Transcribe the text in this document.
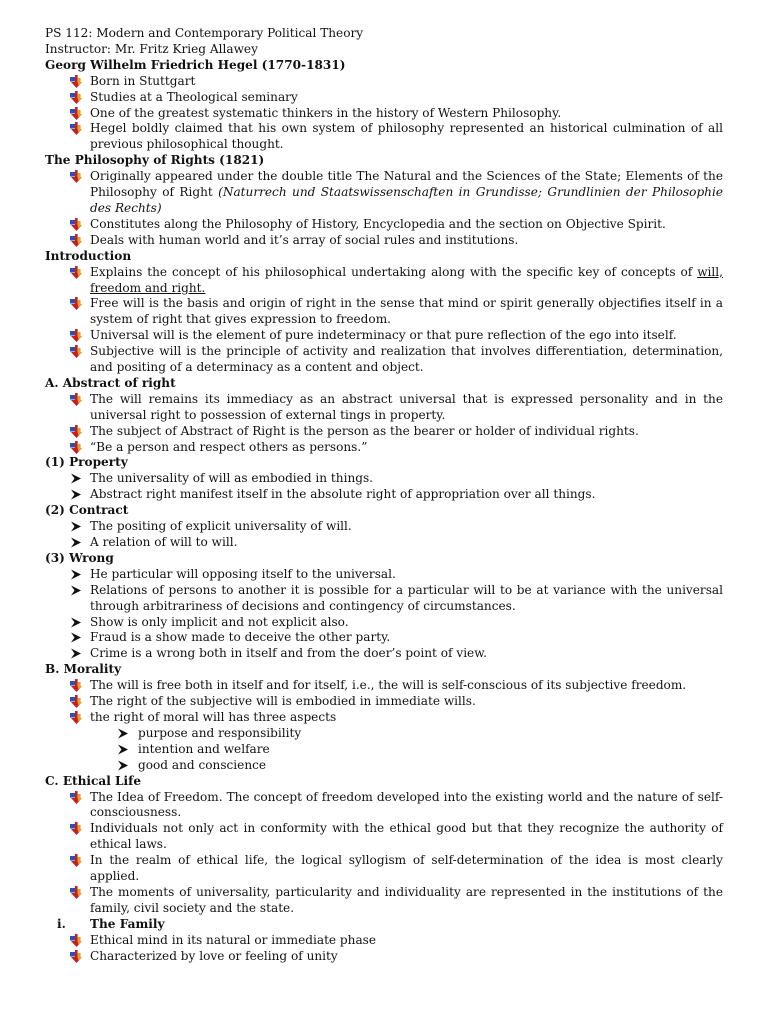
PS 112: Modern and Contemporary Political Theory
Instructor: Mr. Fritz Krieg Allawey
Georg Wilhelm Friedrich Hegel (1770-1831)
Born in Stuttgart
Studies at a Theological seminary
One of the greatest systematic thinkers in the history of Western Philosophy.
Hegel boldly claimed that his own system of philosophy represented an historical culmination of all previous philosophical thought.
The Philosophy of Rights (1821)
Originally appeared under the double title The Natural and the Sciences of the State; Elements of the Philosophy of Right (Naturrech und Staatswissenschaften in Grundisse; Grundlinien der Philosophie des Rechts)
Constitutes along the Philosophy of History, Encyclopedia and the section on Objective Spirit.
Deals with human world and it’s array of social rules and institutions.
Introduction
Explains the concept of his philosophical undertaking along with the specific key of concepts of will, freedom and right.
Free will is the basis and origin of right in the sense that mind or spirit generally objectifies itself in a system of right that gives expression to freedom.
Universal will is the element of pure indeterminacy or that pure reflection of the ego into itself.
Subjective will is the principle of activity and realization that involves differentiation, determination, and positing of a determinacy as a content and object.
A. Abstract of right
The will remains its immediacy as an abstract universal that is expressed personality and in the universal right to possession of external tings in property.
The subject of Abstract of Right is the person as the bearer or holder of individual rights.
“Be a person and respect others as persons.”
(1) Property
The universality of will as embodied in things.
Abstract right manifest itself in the absolute right of appropriation over all things.
(2) Contract
The positing of explicit universality of will.
A relation of will to will.
(3) Wrong
He particular will opposing itself to the universal.
Relations of persons to another it is possible for a particular will to be at variance with the universal through arbitrariness of decisions and contingency of circumstances.
Show is only implicit and not explicit also.
Fraud is a show made to deceive the other party.
Crime is a wrong both in itself and from the doer’s point of view.
B. Morality
The will is free both in itself and for itself, i.e., the will is self-conscious of its subjective freedom.
The right of the subjective will is embodied in immediate wills.
the right of moral will has three aspects
purpose and responsibility
intention and welfare
good and conscience
C. Ethical Life
The Idea of Freedom. The concept of freedom developed into the existing world and the nature of self-consciousness.
Individuals not only act in conformity with the ethical good but that they recognize the authority of ethical laws.
In the realm of ethical life, the logical syllogism of self-determination of the idea is most clearly applied.
The moments of universality, particularity and individuality are represented in the institutions of the family, civil society and the state.
i. The Family
Ethical mind in its natural or immediate phase
Characterized by love or feeling of unity
